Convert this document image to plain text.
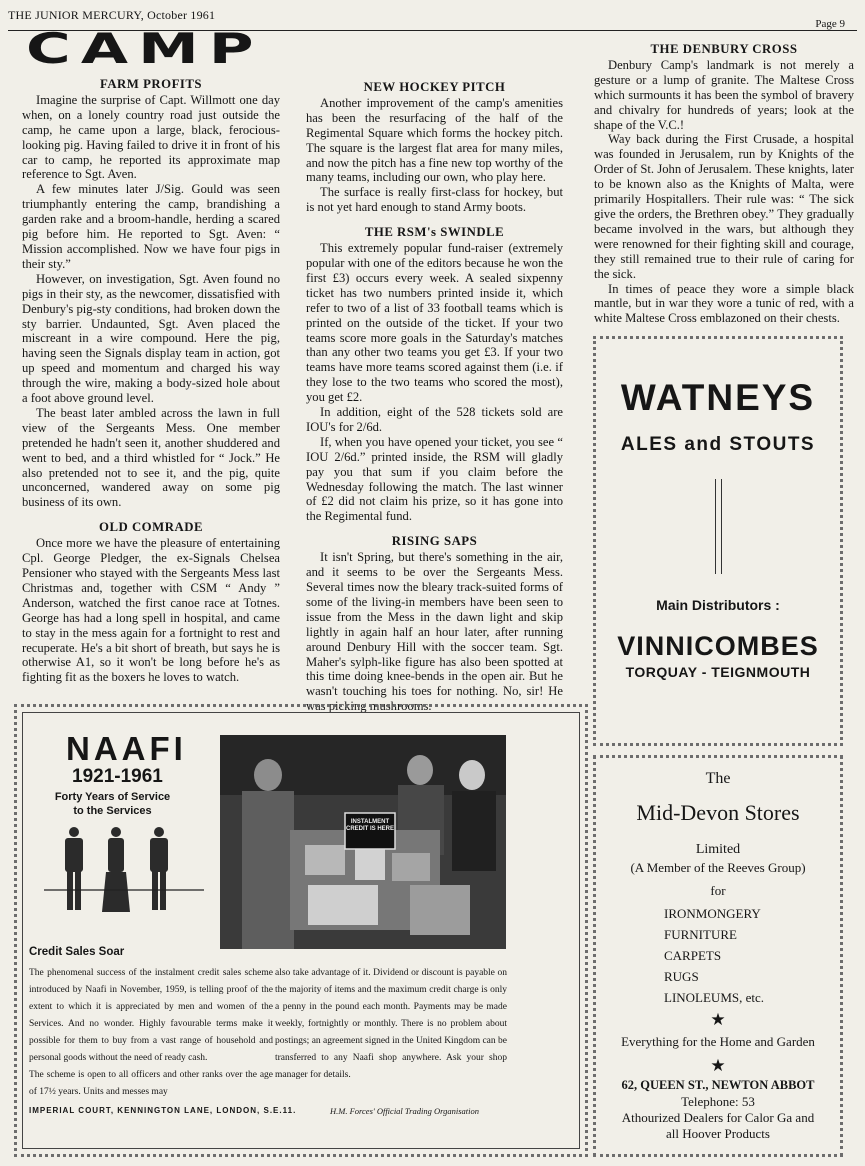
THE JUNIOR MERCURY, October 1961
Page 9
CAMP
FARM PROFITS

Imagine the surprise of Capt. Willmott one day when, on a lonely country road just outside the camp, he came upon a large, black, ferocious-looking pig. Having failed to drive it in front of his car to camp, he reported its approximate map reference to Sgt. Aven.

A few minutes later J/Sig. Gould was seen triumphantly entering the camp, brandishing a garden rake and a broom-handle, herding a scared pig before him. He reported to Sgt. Aven: “ Mission accomplished. Now we have four pigs in their sty.”

However, on investigation, Sgt. Aven found no pigs in their sty, as the newcomer, dissatisfied with Denbury's pig-sty conditions, had broken down the sty barrier. Undaunted, Sgt. Aven placed the miscreant in a wire compound. Here the pig, having seen the Signals display team in action, got up speed and momentum and charged his way through the wire, making a body-sized hole about a foot above ground level.

The beast later ambled across the lawn in full view of the Sergeants Mess. One member pretended he hadn't seen it, another shuddered and went to bed, and a third whistled for “ Jock.” He also pretended not to see it, and the pig, quite unconcerned, wandered away on some pig business of its own.

OLD COMRADE

Once more we have the pleasure of entertaining Cpl. George Pledger, the ex-Signals Chelsea Pensioner who stayed with the Sergeants Mess last Christmas and, together with CSM “ Andy ” Anderson, watched the first canoe race at Totnes. George has had a long spell in hospital, and came to stay in the mess again for a fortnight to rest and recuperate. He's a bit short of breath, but says he is otherwise A1, so it won't be long before he's as fighting fit as the boxers he loves to watch.

NEW HOCKEY PITCH

Another improvement of the camp's amenities has been the resurfacing of the half of the Regimental Square which forms the hockey pitch. The square is the largest flat area for many miles, and now the pitch has a fine new top worthy of the many teams, including our own, who play here.

The surface is really first-class for hockey, but is not yet hard enough to stand Army boots.

THE RSM's SWINDLE

This extremely popular fund-raiser (extremely popular with one of the editors because he won the first £3) occurs every week. A sealed sixpenny ticket has two numbers printed inside it, which refer to two of a list of 33 football teams which is printed on the outside of the ticket. If your two teams score more goals in the Saturday's matches than any other two teams you get £3. If your two teams have more teams scored against them (i.e. if they lose to the two teams who scored the most), you get £2.

In addition, eight of the 528 tickets sold are IOU's for 2/6d.

If, when you have opened your ticket, you see “ IOU 2/6d.” printed inside, the RSM will gladly pay you that sum if you claim before the Wednesday following the match. The last winner of £2 did not claim his prize, so it has gone into the Regimental fund.

RISING SAPS

It isn't Spring, but there's something in the air, and it seems to be over the Sergeants Mess. Several times now the bleary track-suited forms of some of the living-in members have been seen to issue from the Mess in the dawn light and skip lightly in again half an hour later, after running around Denbury Hill with the soccer team. Sgt. Maher's sylph-like figure has also been spotted at this time doing knee-bends in the open air. But he wasn't touching his toes for nothing. No, sir! He was picking mushrooms.

THE DENBURY CROSS

Denbury Camp's landmark is not merely a gesture or a lump of granite. The Maltese Cross which surmounts it has been the symbol of bravery and chivalry for hundreds of years; look at the shape of the V.C.!

Way back during the First Crusade, a hospital was founded in Jerusalem, run by Knights of the Order of St. John of Jerusalem. These knights, later to be known also as the Knights of Malta, were primarily Hospitallers. Their rule was: “ The sick give the orders, the Brethren obey.” They gradually became involved in the wars, but although they were renowned for their fighting skill and courage, they still remained true to their rule of caring for the sick.

In times of peace they wore a simple black mantle, but in war they wore a tunic of red, with a white Maltese Cross emblazoned on their chests.

WATNEYS
ALES and STOUTS
Main Distributors :
VINNICOMBES
TORQUAY - TEIGNMOUTH
The
Mid-Devon Stores
Limited
(A Member of the Reeves Group)
for
IRONMONGERY
FURNITURE
CARPETS
RUGS
LINOLEUMS, etc.
★
Everything for the Home and Garden
★
62, QUEEN ST., NEWTON ABBOT
Telephone: 53
Athourized Dealers for Calor Ga and
all Hoover Products
NAAFI
1921-1961
Forty Years of Service
to the Services
INSTALMENT CREDIT IS HERE
Credit Sales Soar
The phenomenal success of the instalment credit sales scheme introduced by Naafi in November, 1959, is telling proof of the extent to which it is appreciated by men and women of the Services. And no wonder. Highly favourable terms make it possible for them to buy from a vast range of household and personal goods without the need of ready cash.
The scheme is open to all officers and other ranks over the age of 17½ years. Units and messes may
also take advantage of it. Dividend or discount is payable on the majority of items and the maximum credit charge is only a penny in the pound each month. Payments may be made weekly, fortnightly or monthly. There is no problem about postings; an agreement signed in the United Kingdom can be transferred to any Naafi shop anywhere. Ask your shop manager for details.
IMPERIAL COURT, KENNINGTON LANE, LONDON, S.E.11.	H.M. Forces' Official Trading Organisation
